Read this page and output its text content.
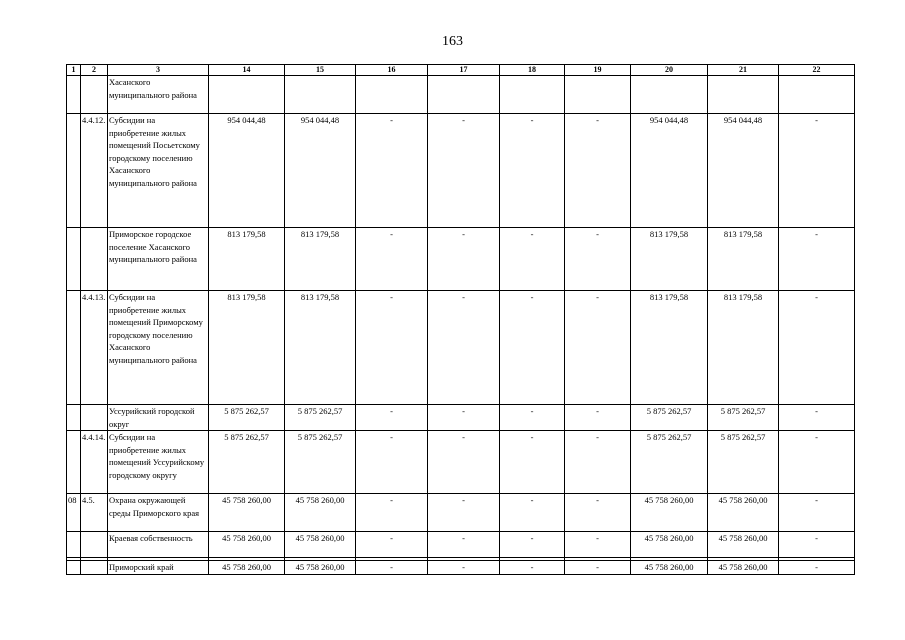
163
1	2	3	14	15	16	17	18	19	20	21	22
		Хасанского муниципального района									
	4.4.12.	Субсидии на приобретение жилых помещений Посьетскому городскому поселению Хасанского муниципального района	954 044,48	954 044,48	-	-	-	-	954 044,48	954 044,48	-
		Приморское городское поселение Хасанского муниципального района	813 179,58	813 179,58	-	-	-	-	813 179,58	813 179,58	-
	4.4.13.	Субсидии на приобретение жилых помещений Приморскому городскому поселению Хасанского муниципального района	813 179,58	813 179,58	-	-	-	-	813 179,58	813 179,58	-
		Уссурийский городской округ	5 875 262,57	5 875 262,57	-	-	-	-	5 875 262,57	5 875 262,57	-
	4.4.14.	Субсидии на приобретение жилых помещений Уссурийскому городскому округу	5 875 262,57	5 875 262,57	-	-	-	-	5 875 262,57	5 875 262,57	-
08	4.5.	Охрана окружающей среды Приморского края	45 758 260,00	45 758 260,00	-	-	-	-	45 758 260,00	45 758 260,00	-
		Краевая собственность	45 758 260,00	45 758 260,00	-	-	-	-	45 758 260,00	45 758 260,00	-

		Приморский край	45 758 260,00	45 758 260,00	-	-	-	-	45 758 260,00	45 758 260,00	-
